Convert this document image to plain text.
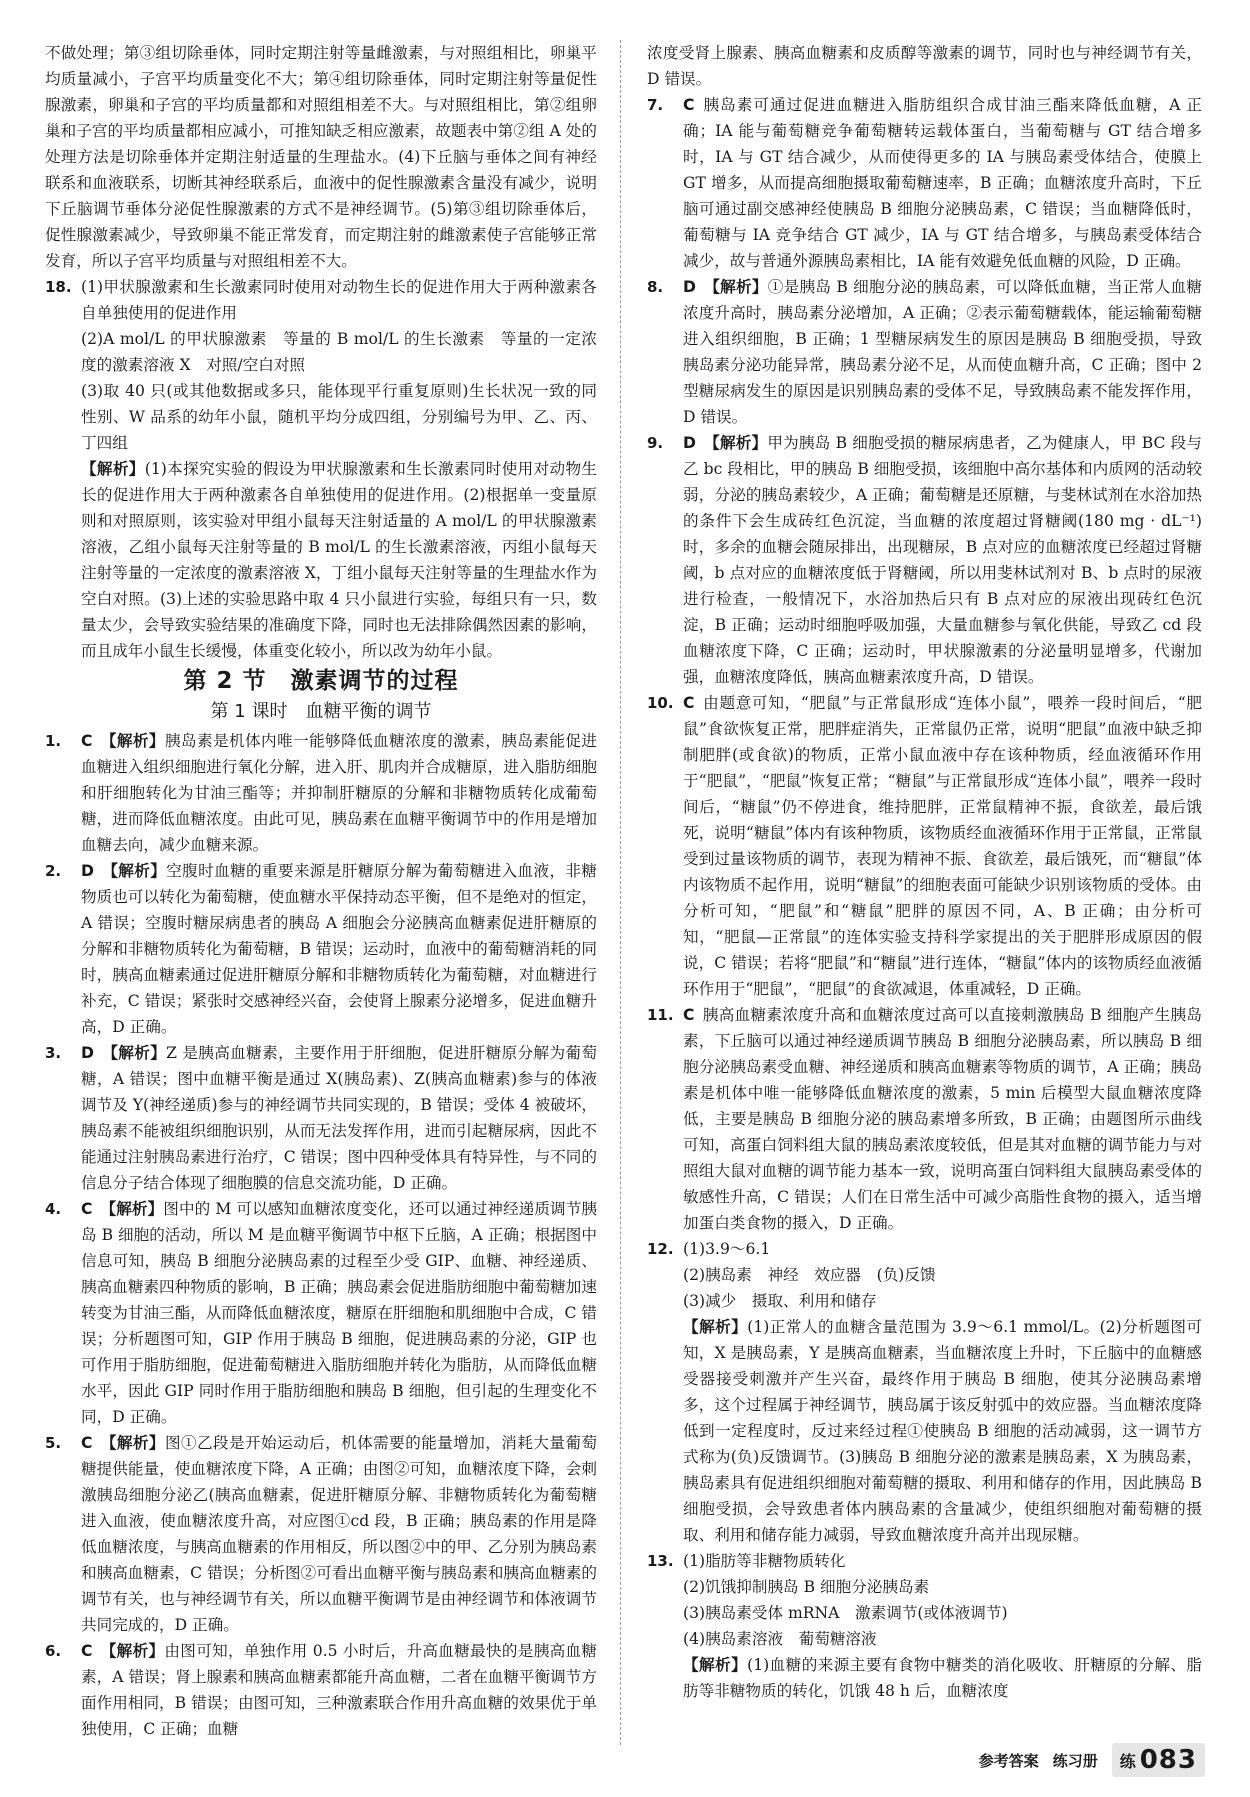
不做处理；第③组切除垂体，同时定期注射等量雌激素，与对照组相比，卵巢平均质量减小，子宫平均质量变化不大；第④组切除垂体，同时定期注射等量促性腺激素，卵巢和子宫的平均质量都和对照组相差不大。与对照组相比，第②组卵巢和子宫的平均质量都相应减小，可推知缺乏相应激素，故题表中第②组 A 处的处理方法是切除垂体并定期注射适量的生理盐水。(4)下丘脑与垂体之间有神经联系和血液联系，切断其神经联系后，血液中的促性腺激素含量没有减少，说明下丘脑调节垂体分泌促性腺激素的方式不是神经调节。(5)第③组切除垂体后，促性腺激素减少，导致卵巢不能正常发育，而定期注射的雌激素使子宫能够正常发育，所以子宫平均质量与对照组相差不大。

18. (1)甲状腺激素和生长激素同时使用对动物生长的促进作用大于两种激素各自单独使用的促进作用
(2)A mol/L 的甲状腺激素　等量的 B mol/L 的生长激素　等量的一定浓度的激素溶液 X　对照/空白对照
(3)取 40 只(或其他数据或多只，能体现平行重复原则)生长状况一致的同性别、W 品系的幼年小鼠，随机平均分成四组，分别编号为甲、乙、丙、丁四组
【解析】(1)本探究实验的假设为甲状腺激素和生长激素同时使用对动物生长的促进作用大于两种激素各自单独使用的促进作用。(2)根据单一变量原则和对照原则，该实验对甲组小鼠每天注射适量的 A mol/L 的甲状腺激素溶液，乙组小鼠每天注射等量的 B mol/L 的生长激素溶液，丙组小鼠每天注射等量的一定浓度的激素溶液 X，丁组小鼠每天注射等量的生理盐水作为空白对照。(3)上述的实验思路中取 4 只小鼠进行实验，每组只有一只，数量太少，会导致实验结果的准确度下降，同时也无法排除偶然因素的影响，而且成年小鼠生长缓慢，体重变化较小，所以改为幼年小鼠。

第 2 节　激素调节的过程

第 1 课时　血糖平衡的调节

1.	C 【解析】胰岛素是机体内唯一能够降低血糖浓度的激素，胰岛素能促进血糖进入组织细胞进行氧化分解，进入肝、肌肉并合成糖原，进入脂肪细胞和肝细胞转化为甘油三酯等；并抑制肝糖原的分解和非糖物质转化成葡萄糖，进而降低血糖浓度。由此可见，胰岛素在血糖平衡调节中的作用是增加血糖去向，减少血糖来源。
2.	D 【解析】空腹时血糖的重要来源是肝糖原分解为葡萄糖进入血液，非糖物质也可以转化为葡萄糖，使血糖水平保持动态平衡，但不是绝对的恒定，A 错误；空腹时糖尿病患者的胰岛 A 细胞会分泌胰高血糖素促进肝糖原的分解和非糖物质转化为葡萄糖，B 错误；运动时，血液中的葡萄糖消耗的同时，胰高血糖素通过促进肝糖原分解和非糖物质转化为葡萄糖，对血糖进行补充，C 错误；紧张时交感神经兴奋，会使肾上腺素分泌增多，促进血糖升高，D 正确。
3.	D 【解析】Z 是胰高血糖素，主要作用于肝细胞，促进肝糖原分解为葡萄糖，A 错误；图中血糖平衡是通过 X(胰岛素)、Z(胰高血糖素)参与的体液调节及 Y(神经递质)参与的神经调节共同实现的，B 错误；受体 4 被破坏，胰岛素不能被组织细胞识别，从而无法发挥作用，进而引起糖尿病，因此不能通过注射胰岛素进行治疗，C 错误；图中四种受体具有特异性，与不同的信息分子结合体现了细胞膜的信息交流功能，D 正确。
4.	C 【解析】图中的 M 可以感知血糖浓度变化，还可以通过神经递质调节胰岛 B 细胞的活动，所以 M 是血糖平衡调节中枢下丘脑，A 正确；根据图中信息可知，胰岛 B 细胞分泌胰岛素的过程至少受 GIP、血糖、神经递质、胰高血糖素四种物质的影响，B 正确；胰岛素会促进脂肪细胞中葡萄糖加速转变为甘油三酯，从而降低血糖浓度，糖原在肝细胞和肌细胞中合成，C 错误；分析题图可知，GIP 作用于胰岛 B 细胞，促进胰岛素的分泌，GIP 也可作用于脂肪细胞，促进葡萄糖进入脂肪细胞并转化为脂肪，从而降低血糖水平，因此 GIP 同时作用于脂肪细胞和胰岛 B 细胞，但引起的生理变化不同，D 正确。
5.	C 【解析】图①乙段是开始运动后，机体需要的能量增加，消耗大量葡萄糖提供能量，使血糖浓度下降，A 正确；由图②可知，血糖浓度下降，会刺激胰岛细胞分泌乙(胰高血糖素，促进肝糖原分解、非糖物质转化为葡萄糖进入血液，使血糖浓度升高，对应图①cd 段，B 正确；胰岛素的作用是降低血糖浓度，与胰高血糖素的作用相反，所以图②中的甲、乙分别为胰岛素和胰高血糖素，C 错误；分析图②可看出血糖平衡与胰岛素和胰高血糖素的调节有关，也与神经调节有关，所以血糖平衡调节是由神经调节和体液调节共同完成的，D 正确。
6.	C 【解析】由图可知，单独作用 0.5 小时后，升高血糖最快的是胰高血糖素，A 错误；肾上腺素和胰高血糖素都能升高血糖，二者在血糖平衡调节方面作用相同，B 错误；由图可知，三种激素联合作用升高血糖的效果优于单独使用，C 正确；血糖

浓度受肾上腺素、胰高血糖素和皮质醇等激素的调节，同时也与神经调节有关，D 错误。

7.	C 胰岛素可通过促进血糖进入脂肪组织合成甘油三酯来降低血糖，A 正确；IA 能与葡萄糖竞争葡萄糖转运载体蛋白，当葡萄糖与 GT 结合增多时，IA 与 GT 结合减少，从而使得更多的 IA 与胰岛素受体结合，使膜上 GT 增多，从而提高细胞摄取葡萄糖速率，B 正确；血糖浓度升高时，下丘脑可通过副交感神经使胰岛 B 细胞分泌胰岛素，C 错误；当血糖降低时，葡萄糖与 IA 竞争结合 GT 减少，IA 与 GT 结合增多，与胰岛素受体结合减少，故与普通外源胰岛素相比，IA 能有效避免低血糖的风险，D 正确。
8.	D 【解析】①是胰岛 B 细胞分泌的胰岛素，可以降低血糖，当正常人血糖浓度升高时，胰岛素分泌增加，A 正确；②表示葡萄糖载体，能运输葡萄糖进入组织细胞，B 正确；1 型糖尿病发生的原因是胰岛 B 细胞受损，导致胰岛素分泌功能异常，胰岛素分泌不足，从而使血糖升高，C 正确；图中 2 型糖尿病发生的原因是识别胰岛素的受体不足，导致胰岛素不能发挥作用，D 错误。
9.	D 【解析】甲为胰岛 B 细胞受损的糖尿病患者，乙为健康人，甲 BC 段与乙 bc 段相比，甲的胰岛 B 细胞受损，该细胞中高尔基体和内质网的活动较弱，分泌的胰岛素较少，A 正确；葡萄糖是还原糖，与斐林试剂在水浴加热的条件下会生成砖红色沉淀，当血糖的浓度超过肾糖阈(180 mg · dL⁻¹)时，多余的血糖会随尿排出，出现糖尿，B 点对应的血糖浓度已经超过肾糖阈，b 点对应的血糖浓度低于肾糖阈，所以用斐林试剂对 B、b 点时的尿液进行检查，一般情况下，水浴加热后只有 B 点对应的尿液出现砖红色沉淀，B 正确；运动时细胞呼吸加强，大量血糖参与氧化供能，导致乙 cd 段血糖浓度下降，C 正确；运动时，甲状腺激素的分泌量明显增多，代谢加强，血糖浓度降低，胰高血糖素浓度升高，D 错误。
10. C 由题意可知，“肥鼠”与正常鼠形成“连体小鼠”，喂养一段时间后，“肥鼠”食欲恢复正常，肥胖症消失，正常鼠仍正常，说明“肥鼠”血液中缺乏抑制肥胖(或食欲)的物质，正常小鼠血液中存在该种物质，经血液循环作用于“肥鼠”，“肥鼠”恢复正常；“糖鼠”与正常鼠形成“连体小鼠”，喂养一段时间后，“糖鼠”仍不停进食，维持肥胖，正常鼠精神不振，食欲差，最后饿死，说明“糖鼠”体内有该种物质，该物质经血液循环作用于正常鼠，正常鼠受到过量该物质的调节，表现为精神不振、食欲差，最后饿死，而“糖鼠”体内该物质不起作用，说明“糖鼠”的细胞表面可能缺少识别该物质的受体。由分析可知，“肥鼠”和“糖鼠”肥胖的原因不同，A、B 正确；由分析可知，“肥鼠—正常鼠”的连体实验支持科学家提出的关于肥胖形成原因的假说，C 错误；若将“肥鼠”和“糖鼠”进行连体，“糖鼠”体内的该物质经血液循环作用于“肥鼠”，“肥鼠”的食欲减退，体重减轻，D 正确。
11. C 胰高血糖素浓度升高和血糖浓度过高可以直接刺激胰岛 B 细胞产生胰岛素，下丘脑可以通过神经递质调节胰岛 B 细胞分泌胰岛素，所以胰岛 B 细胞分泌胰岛素受血糖、神经递质和胰高血糖素等物质的调节，A 正确；胰岛素是机体中唯一能够降低血糖浓度的激素，5 min 后模型大鼠血糖浓度降低，主要是胰岛 B 细胞分泌的胰岛素增多所致，B 正确；由题图所示曲线可知，高蛋白饲料组大鼠的胰岛素浓度较低，但是其对血糖的调节能力与对照组大鼠对血糖的调节能力基本一致，说明高蛋白饲料组大鼠胰岛素受体的敏感性升高，C 错误；人们在日常生活中可减少高脂性食物的摄入，适当增加蛋白类食物的摄入，D 正确。
12. (1)3.9～6.1
(2)胰岛素　神经　效应器　(负)反馈
(3)减少　摄取、利用和储存
【解析】(1)正常人的血糖含量范围为 3.9～6.1 mmol/L。(2)分析题图可知，X 是胰岛素，Y 是胰高血糖素，当血糖浓度上升时，下丘脑中的血糖感受器接受刺激并产生兴奋，最终作用于胰岛 B 细胞，使其分泌胰岛素增多，这个过程属于神经调节，胰岛属于该反射弧中的效应器。当血糖浓度降低到一定程度时，反过来经过程①使胰岛 B 细胞的活动减弱，这一调节方式称为(负)反馈调节。(3)胰岛 B 细胞分泌的激素是胰岛素，X 为胰岛素，胰岛素具有促进组织细胞对葡萄糖的摄取、利用和储存的作用，因此胰岛 B 细胞受损，会导致患者体内胰岛素的含量减少，使组织细胞对葡萄糖的摄取、利用和储存能力减弱，导致血糖浓度升高并出现尿糖。
13. (1)脂肪等非糖物质转化
(2)饥饿抑制胰岛 B 细胞分泌胰岛素
(3)胰岛素受体 mRNA　激素调节(或体液调节)
(4)胰岛素溶液　葡萄糖溶液
【解析】(1)血糖的来源主要有食物中糖类的消化吸收、肝糖原的分解、脂肪等非糖物质的转化，饥饿 48 h 后，血糖浓度
参考答案 练习册 练 083
